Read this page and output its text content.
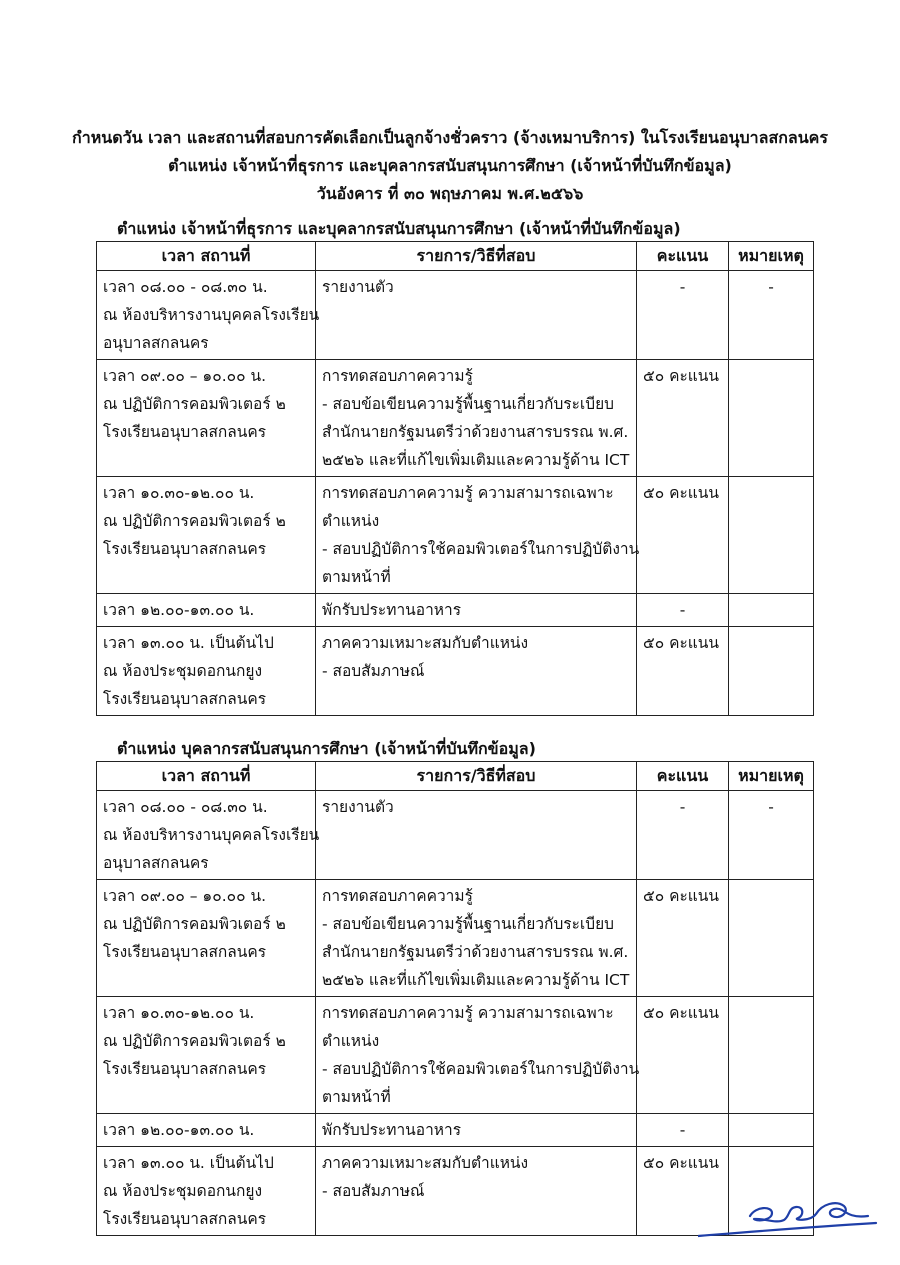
กำหนดวัน เวลา และสถานที่สอบการคัดเลือกเป็นลูกจ้างชั่วคราว (จ้างเหมาบริการ) ในโรงเรียนอนุบาลสกลนคร
ตำแหน่ง เจ้าหน้าที่ธุรการ และบุคลากรสนับสนุนการศึกษา (เจ้าหน้าที่บันทึกข้อมูล)
วันอังคาร ที่ ๓๐ พฤษภาคม พ.ศ.๒๕๖๖
ตำแหน่ง เจ้าหน้าที่ธุรการ และบุคลากรสนับสนุนการศึกษา (เจ้าหน้าที่บันทึกข้อมูล)
เวลา สถานที่	รายการ/วิธีที่สอบ	คะแนน	หมายเหตุ

เวลา ๐๘.๐๐ - ๐๘.๓๐ น.
ณ ห้องบริหารงานบุคคลโรงเรียน
อนุบาลสกลนคร	รายงานตัว	-	-

เวลา ๐๙.๐๐ – ๑๐.๐๐ น.
ณ ปฏิบัติการคอมพิวเตอร์ ๒
โรงเรียนอนุบาลสกลนคร	การทดสอบภาคความรู้
- สอบข้อเขียนความรู้พื้นฐานเกี่ยวกับระเบียบ
สำนักนายกรัฐมนตรีว่าด้วยงานสารบรรณ พ.ศ.
๒๕๒๖ และที่แก้ไขเพิ่มเติมและความรู้ด้าน ICT	๕๐ คะแนน	

เวลา ๑๐.๓๐-๑๒.๐๐ น.
ณ ปฏิบัติการคอมพิวเตอร์ ๒
โรงเรียนอนุบาลสกลนคร	การทดสอบภาคความรู้ ความสามารถเฉพาะ
ตำแหน่ง
- สอบปฏิบัติการใช้คอมพิวเตอร์ในการปฏิบัติงาน
ตามหน้าที่	๕๐ คะแนน	

เวลา ๑๒.๐๐-๑๓.๐๐ น.	พักรับประทานอาหาร	-	

เวลา ๑๓.๐๐ น. เป็นต้นไป
ณ ห้องประชุมดอกนกยูง
โรงเรียนอนุบาลสกลนคร	ภาคความเหมาะสมกับตำแหน่ง
- สอบสัมภาษณ์	๕๐ คะแนน	

ตำแหน่ง บุคลากรสนับสนุนการศึกษา (เจ้าหน้าที่บันทึกข้อมูล)
เวลา สถานที่	รายการ/วิธีที่สอบ	คะแนน	หมายเหตุ

เวลา ๐๘.๐๐ - ๐๘.๓๐ น.
ณ ห้องบริหารงานบุคคลโรงเรียน
อนุบาลสกลนคร	รายงานตัว	-	-

เวลา ๐๙.๐๐ – ๑๐.๐๐ น.
ณ ปฏิบัติการคอมพิวเตอร์ ๒
โรงเรียนอนุบาลสกลนคร	การทดสอบภาคความรู้
- สอบข้อเขียนความรู้พื้นฐานเกี่ยวกับระเบียบ
สำนักนายกรัฐมนตรีว่าด้วยงานสารบรรณ พ.ศ.
๒๕๒๖ และที่แก้ไขเพิ่มเติมและความรู้ด้าน ICT	๕๐ คะแนน	

เวลา ๑๐.๓๐-๑๒.๐๐ น.
ณ ปฏิบัติการคอมพิวเตอร์ ๒
โรงเรียนอนุบาลสกลนคร	การทดสอบภาคความรู้ ความสามารถเฉพาะ
ตำแหน่ง
- สอบปฏิบัติการใช้คอมพิวเตอร์ในการปฏิบัติงาน
ตามหน้าที่	๕๐ คะแนน	

เวลา ๑๒.๐๐-๑๓.๐๐ น.	พักรับประทานอาหาร	-	

เวลา ๑๓.๐๐ น. เป็นต้นไป
ณ ห้องประชุมดอกนกยูง
โรงเรียนอนุบาลสกลนคร	ภาคความเหมาะสมกับตำแหน่ง
- สอบสัมภาษณ์	๕๐ คะแนน	
